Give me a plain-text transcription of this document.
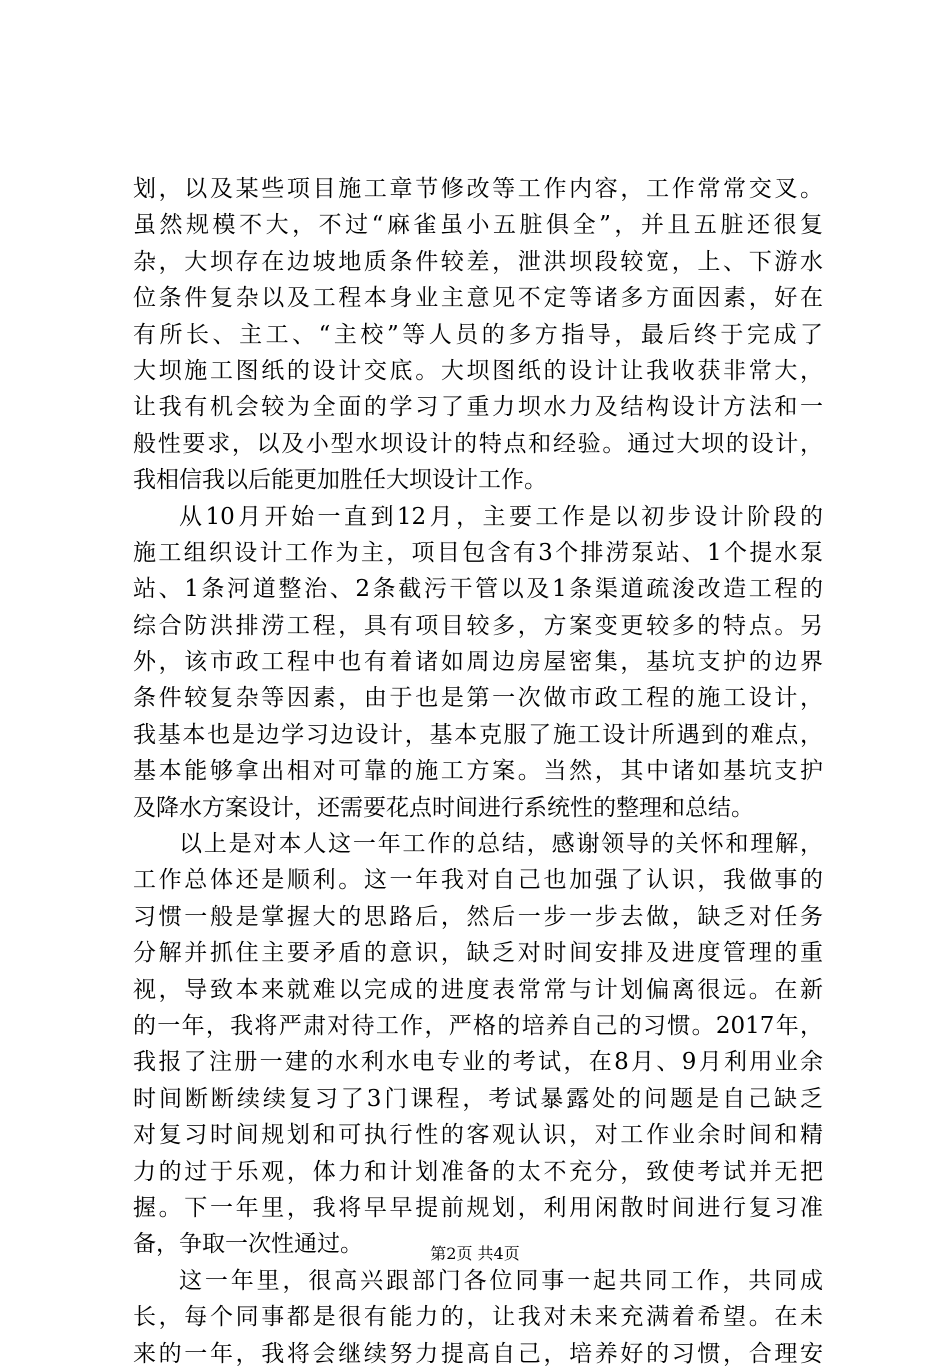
划，以及某些项目施工章节修改等工作内容，工作常常交叉。
虽然规模不大，不过“麻雀虽小五脏俱全”，并且五脏还很复
杂，大坝存在边坡地质条件较差，泄洪坝段较宽，上、下游水
位条件复杂以及工程本身业主意见不定等诸多方面因素，好在
有所长、主工、“主校”等人员的多方指导，最后终于完成了
大坝施工图纸的设计交底。大坝图纸的设计让我收获非常大，
让我有机会较为全面的学习了重力坝水力及结构设计方法和一
般性要求，以及小型水坝设计的特点和经验。通过大坝的设计，
我相信我以后能更加胜任大坝设计工作。
从10月开始一直到12月，主要工作是以初步设计阶段的
施工组织设计工作为主，项目包含有3个排涝泵站、1个提水泵
站、1条河道整治、2条截污干管以及1条渠道疏浚改造工程的
综合防洪排涝工程，具有项目较多，方案变更较多的特点。另
外，该市政工程中也有着诸如周边房屋密集，基坑支护的边界
条件较复杂等因素，由于也是第一次做市政工程的施工设计，
我基本也是边学习边设计，基本克服了施工设计所遇到的难点，
基本能够拿出相对可靠的施工方案。当然，其中诸如基坑支护
及降水方案设计，还需要花点时间进行系统性的整理和总结。
以上是对本人这一年工作的总结，感谢领导的关怀和理解，
工作总体还是顺利。这一年我对自己也加强了认识，我做事的
习惯一般是掌握大的思路后，然后一步一步去做，缺乏对任务
分解并抓住主要矛盾的意识，缺乏对时间安排及进度管理的重
视，导致本来就难以完成的进度表常常与计划偏离很远。在新
的一年，我将严肃对待工作，严格的培养自己的习惯。2017年，
我报了注册一建的水利水电专业的考试，在8月、9月利用业余
时间断断续续复习了3门课程，考试暴露处的问题是自己缺乏
对复习时间规划和可执行性的客观认识，对工作业余时间和精
力的过于乐观，体力和计划准备的太不充分，致使考试并无把
握。下一年里，我将早早提前规划，利用闲散时间进行复习准
备，争取一次性通过。
这一年里，很高兴跟部门各位同事一起共同工作，共同成
长，每个同事都是很有能力的，让我对未来充满着希望。在未
来的一年，我将会继续努力提高自己，培养好的习惯，合理安
第2页 共4页
